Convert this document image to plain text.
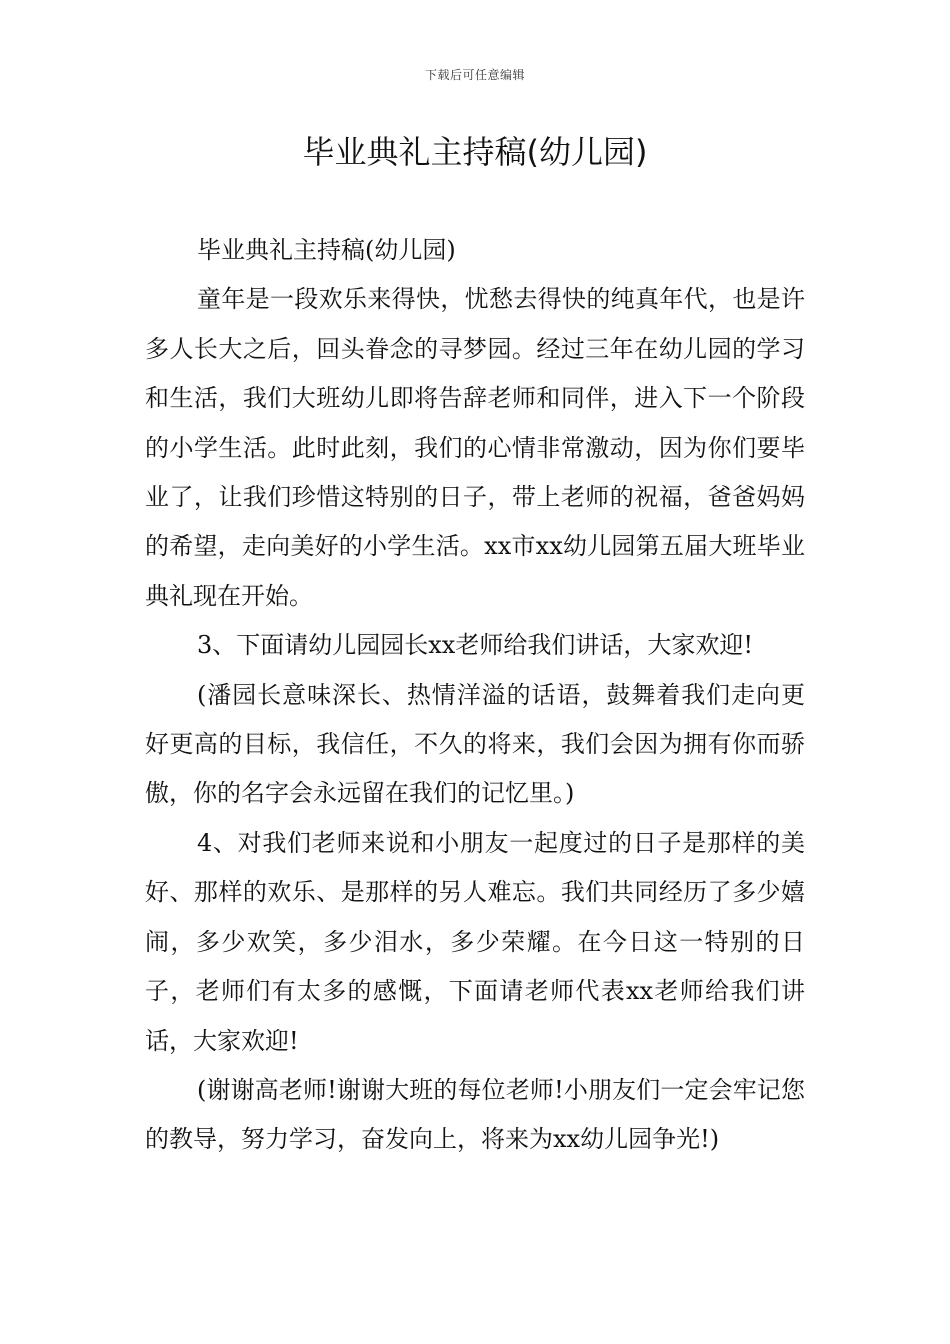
下载后可任意编辑
毕业典礼主持稿(幼儿园)

毕业典礼主持稿(幼儿园)

童年是一段欢乐来得快，忧愁去得快的纯真年代，也是许多人长大之后，回头眷念的寻梦园。经过三年在幼儿园的学习和生活，我们大班幼儿即将告辞老师和同伴，进入下一个阶段的小学生活。此时此刻，我们的心情非常激动，因为你们要毕业了，让我们珍惜这特别的日子，带上老师的祝福，爸爸妈妈的希望，走向美好的小学生活。xx市xx幼儿园第五届大班毕业典礼现在开始。

3、下面请幼儿园园长xx老师给我们讲话，大家欢迎!

(潘园长意味深长、热情洋溢的话语，鼓舞着我们走向更好更高的目标，我信任，不久的将来，我们会因为拥有你而骄傲，你的名字会永远留在我们的记忆里。)

4、对我们老师来说和小朋友一起度过的日子是那样的美好、那样的欢乐、是那样的另人难忘。我们共同经历了多少嬉闹，多少欢笑，多少泪水，多少荣耀。在今日这一特别的日子，老师们有太多的感慨，下面请老师代表xx老师给我们讲话，大家欢迎!

(谢谢高老师!谢谢大班的每位老师!小朋友们一定会牢记您的教导，努力学习，奋发向上，将来为xx幼儿园争光!)
